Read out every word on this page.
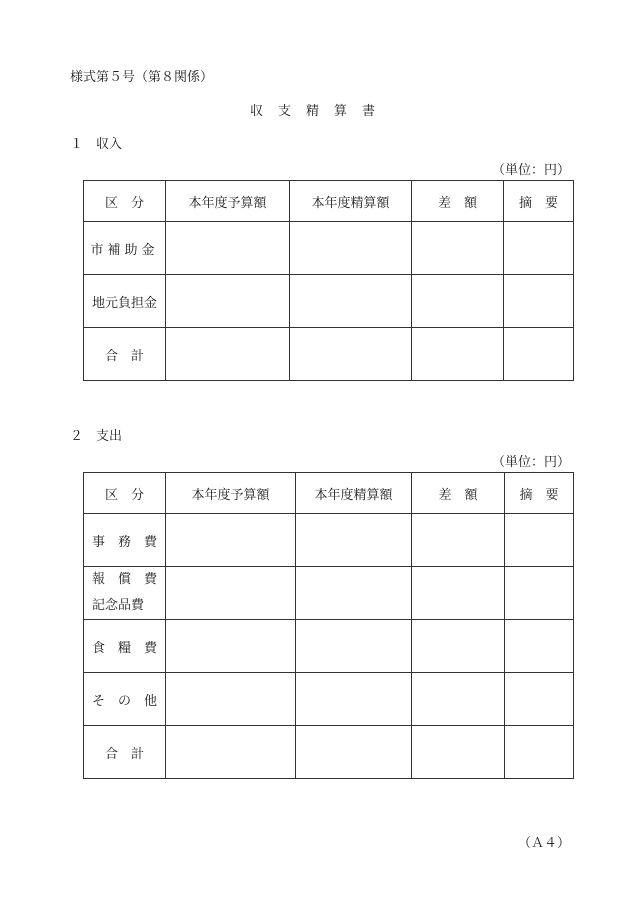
様式第５号（第８関係）
収支精算書
１　収入
（単位：円）
区　分	本年度予算額	本年度精算額	差　額	摘　要
市補助金				
地元負担金				
合　計				
２　支出
（単位：円）
区　分	本年度予算額	本年度精算額	差　額	摘　要
事　務　費				

報　償　費
記念品費				

食　糧　費				
そ　の　他				
合　計				
（Ａ４）
